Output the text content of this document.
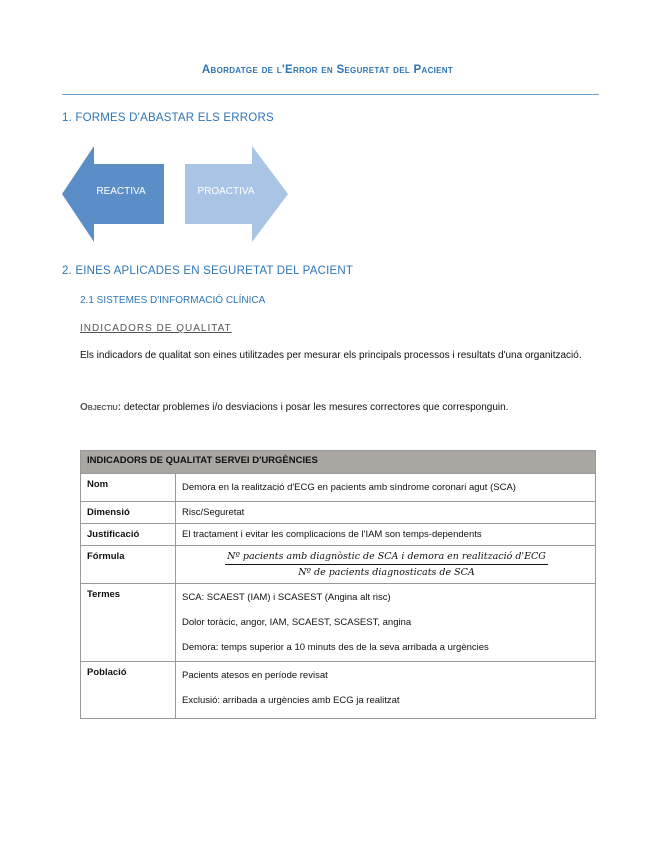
Abordatge de l'Error en Seguretat del Pacient
1. FORMES D'ABASTAR ELS ERRORS
REACTIVA	PROACTIVA
2. EINES APLICADES EN SEGURETAT DEL PACIENT
2.1 SISTEMES D'INFORMACIÓ CLÍNICA
INDICADORS DE QUALITAT
Els indicadors de qualitat son eines utilitzades per mesurar els principals processos i resultats d'una organització.
Objectiu: detectar problemes i/o desviacions i posar les mesures correctores que corresponguin.
INDICADORS DE QUALITAT SERVEI D'URGÈNCIES	
Nom	Demora en la realització d'ECG en pacients amb síndrome coronari agut (SCA)

Dimensió	Risc/Seguretat
Justificació	El tractament i evitar les complicacions de l'IAM son temps-dependents
Fórmula	Nº pacients amb diagnòstic de SCA i demora en realització d'ECG
Nº de pacients diagnosticats de SCA

Termes	SCA: SCAEST (IAM) i SCASEST (Angina alt risc)

Dolor toràcic, angor, IAM, SCAEST, SCASEST, angina

Demora: temps superior a 10 minuts des de la seva arribada a urgències

Població	Pacients atesos en període revisat

Exclusió: arribada a urgències amb ECG ja realitzat
